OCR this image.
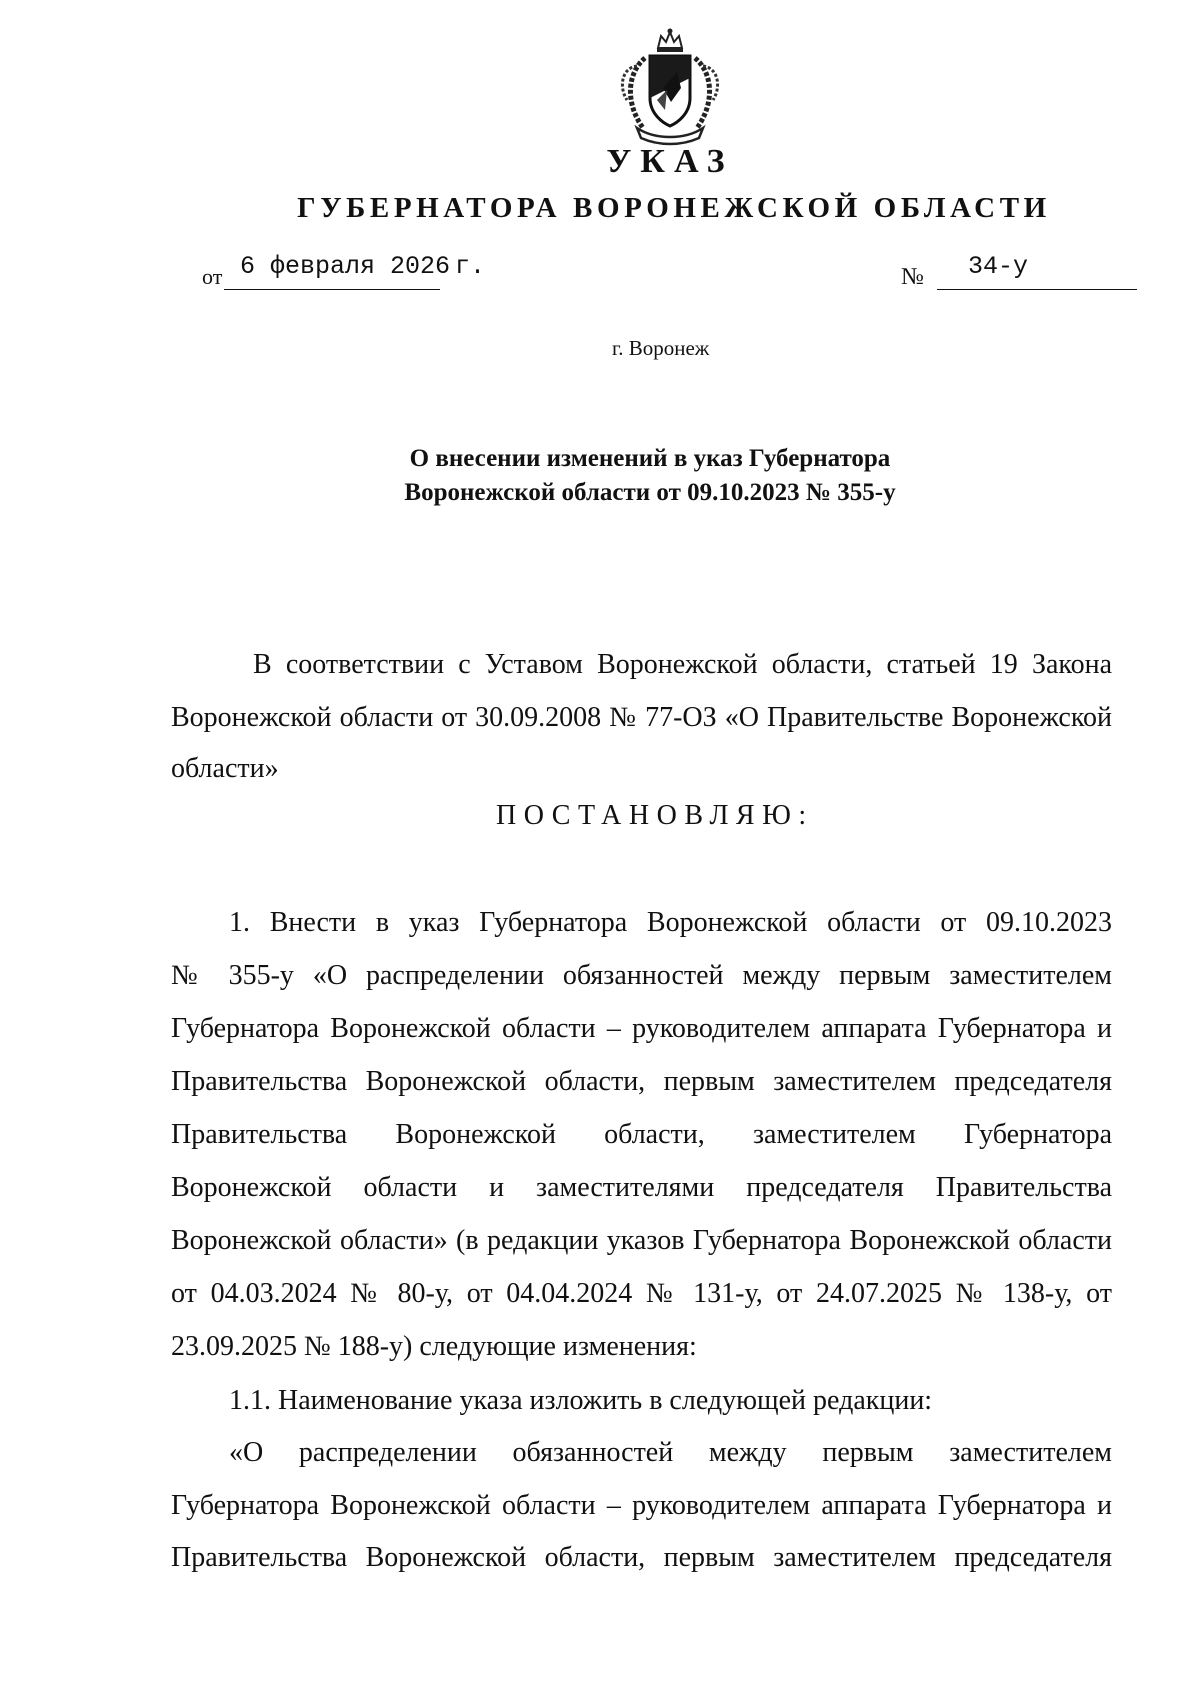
УКАЗ
ГУБЕРНАТОРА ВОРОНЕЖСКОЙ ОБЛАСТИ
от 6 февраля 2026 г.	№ 34-у
г. Воронеж
О внесении изменений в указ Губернатора
Воронежской области от 09.10.2023 № 355-у
В соответствии с Уставом Воронежской области, статьей 19 Закона
Воронежской области от 30.09.2008 № 77-ОЗ «О Правительстве Воронежской
области»
ПОСТАНОВЛЯЮ:
1. Внести в указ Губернатора Воронежской области от 09.10.2023
№ 355-у «О распределении обязанностей между первым заместителем
Губернатора Воронежской области – руководителем аппарата Губернатора и
Правительства Воронежской области, первым заместителем председателя
Правительства Воронежской области, заместителем Губернатора
Воронежской области и заместителями председателя Правительства
Воронежской области» (в редакции указов Губернатора Воронежской области
от 04.03.2024 № 80-у, от 04.04.2024 № 131-у, от 24.07.2025 № 138-у, от
23.09.2025 № 188-у) следующие изменения:
1.1. Наименование указа изложить в следующей редакции:
«О распределении обязанностей между первым заместителем
Губернатора Воронежской области – руководителем аппарата Губернатора и
Правительства Воронежской области, первым заместителем председателя
